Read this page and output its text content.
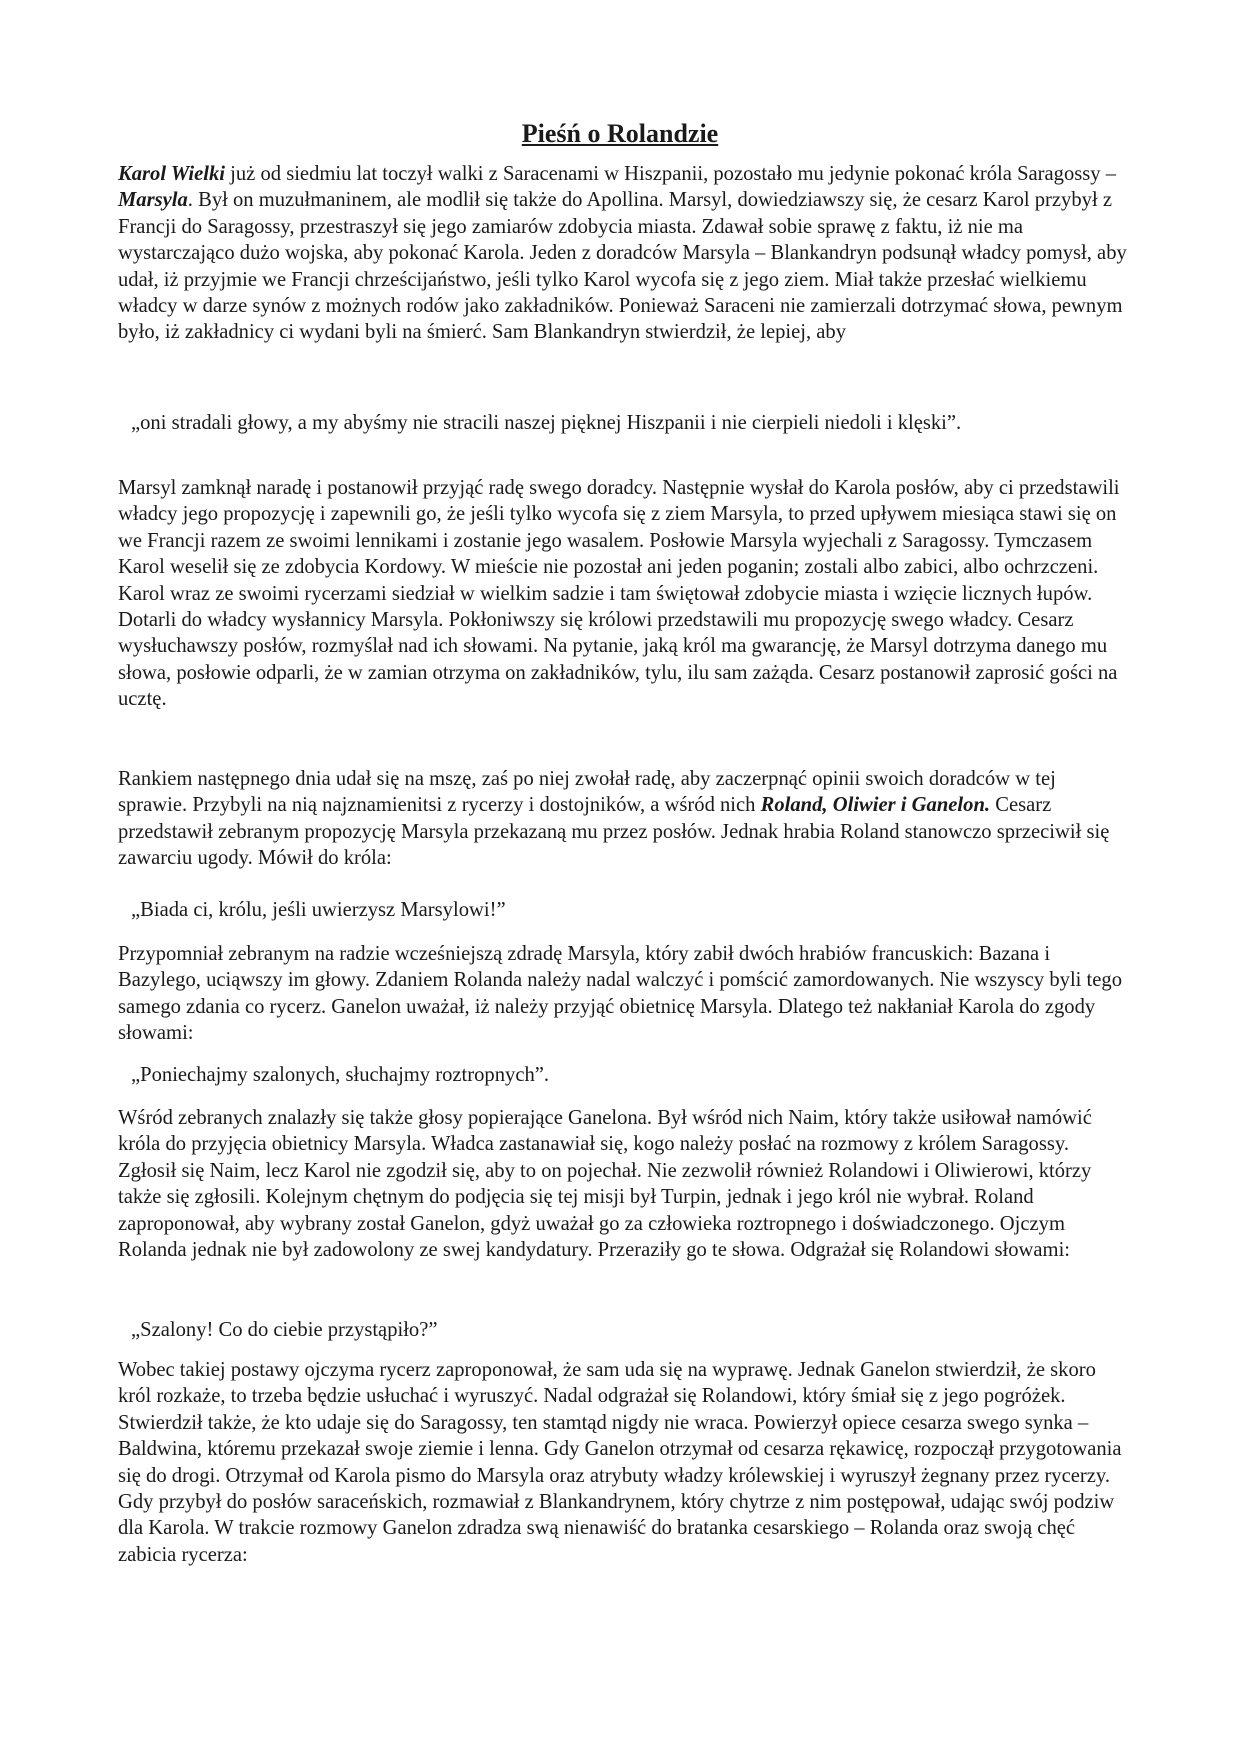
Pieśń o Rolandzie

Karol Wielki już od siedmiu lat toczył walki z Saracenami w Hiszpanii, pozostało mu jedynie pokonać króla Saragossy – Marsyla. Był on muzułmaninem, ale modlił się także do Apollina. Marsyl, dowiedziawszy się, że cesarz Karol przybył z Francji do Saragossy, przestraszył się jego zamiarów zdobycia miasta. Zdawał sobie sprawę z faktu, iż nie ma wystarczająco dużo wojska, aby pokonać Karola. Jeden z doradców Marsyla – Blankandryn podsunął władcy pomysł, aby udał, iż przyjmie we Francji chrześcijaństwo, jeśli tylko Karol wycofa się z jego ziem. Miał także przesłać wielkiemu władcy w darze synów z możnych rodów jako zakładników. Ponieważ Saraceni nie zamierzali dotrzymać słowa, pewnym było, iż zakładnicy ci wydani byli na śmierć. Sam Blankandryn stwierdził, że lepiej, aby

„oni stradali głowy, a my abyśmy nie stracili naszej pięknej Hiszpanii i nie cierpieli niedoli i klęski”.

Marsyl zamknął naradę i postanowił przyjąć radę swego doradcy. Następnie wysłał do Karola posłów, aby ci przedstawili władcy jego propozycję i zapewnili go, że jeśli tylko wycofa się z ziem Marsyla, to przed upływem miesiąca stawi się on we Francji razem ze swoimi lennikami i zostanie jego wasalem. Posłowie Marsyla wyjechali z Saragossy. Tymczasem Karol weselił się ze zdobycia Kordowy. W mieście nie pozostał ani jeden poganin; zostali albo zabici, albo ochrzczeni. Karol wraz ze swoimi rycerzami siedział w wielkim sadzie i tam świętował zdobycie miasta i wzięcie licznych łupów. Dotarli do władcy wysłannicy Marsyla. Pokłoniwszy się królowi przedstawili mu propozycję swego władcy. Cesarz wysłuchawszy posłów, rozmyślał nad ich słowami. Na pytanie, jaką król ma gwarancję, że Marsyl dotrzyma danego mu słowa, posłowie odparli, że w zamian otrzyma on zakładników, tylu, ilu sam zażąda. Cesarz postanowił zaprosić gości na ucztę.

Rankiem następnego dnia udał się na mszę, zaś po niej zwołał radę, aby zaczerpnąć opinii swoich doradców w tej sprawie. Przybyli na nią najznamienitsi z rycerzy i dostojników, a wśród nich Roland, Oliwier i Ganelon. Cesarz przedstawił zebranym propozycję Marsyla przekazaną mu przez posłów. Jednak hrabia Roland stanowczo sprzeciwił się zawarciu ugody. Mówił do króla:

„Biada ci, królu, jeśli uwierzysz Marsylowi!”

Przypomniał zebranym na radzie wcześniejszą zdradę Marsyla, który zabił dwóch hrabiów francuskich: Bazana i Bazylego, uciąwszy im głowy. Zdaniem Rolanda należy nadal walczyć i pomścić zamordowanych. Nie wszyscy byli tego samego zdania co rycerz. Ganelon uważał, iż należy przyjąć obietnicę Marsyla. Dlatego też nakłaniał Karola do zgody słowami:

„Poniechajmy szalonych, słuchajmy roztropnych”.

Wśród zebranych znalazły się także głosy popierające Ganelona. Był wśród nich Naim, który także usiłował namówić króla do przyjęcia obietnicy Marsyla. Władca zastanawiał się, kogo należy posłać na rozmowy z królem Saragossy. Zgłosił się Naim, lecz Karol nie zgodził się, aby to on pojechał. Nie zezwolił również Rolandowi i Oliwierowi, którzy także się zgłosili. Kolejnym chętnym do podjęcia się tej misji był Turpin, jednak i jego król nie wybrał. Roland zaproponował, aby wybrany został Ganelon, gdyż uważał go za człowieka roztropnego i doświadczonego. Ojczym Rolanda jednak nie był zadowolony ze swej kandydatury. Przeraziły go te słowa. Odgrażał się Rolandowi słowami:

„Szalony! Co do ciebie przystąpiło?”

Wobec takiej postawy ojczyma rycerz zaproponował, że sam uda się na wyprawę. Jednak Ganelon stwierdził, że skoro król rozkaże, to trzeba będzie usłuchać i wyruszyć. Nadal odgrażał się Rolandowi, który śmiał się z jego pogróżek. Stwierdził także, że kto udaje się do Saragossy, ten stamtąd nigdy nie wraca. Powierzył opiece cesarza swego synka – Baldwina, któremu przekazał swoje ziemie i lenna. Gdy Ganelon otrzymał od cesarza rękawicę, rozpoczął przygotowania się do drogi. Otrzymał od Karola pismo do Marsyla oraz atrybuty władzy królewskiej i wyruszył żegnany przez rycerzy. Gdy przybył do posłów saraceńskich, rozmawiał z Blankandrynem, który chytrze z nim postępował, udając swój podziw dla Karola. W trakcie rozmowy Ganelon zdradza swą nienawiść do bratanka cesarskiego – Rolanda oraz swoją chęć zabicia rycerza:
